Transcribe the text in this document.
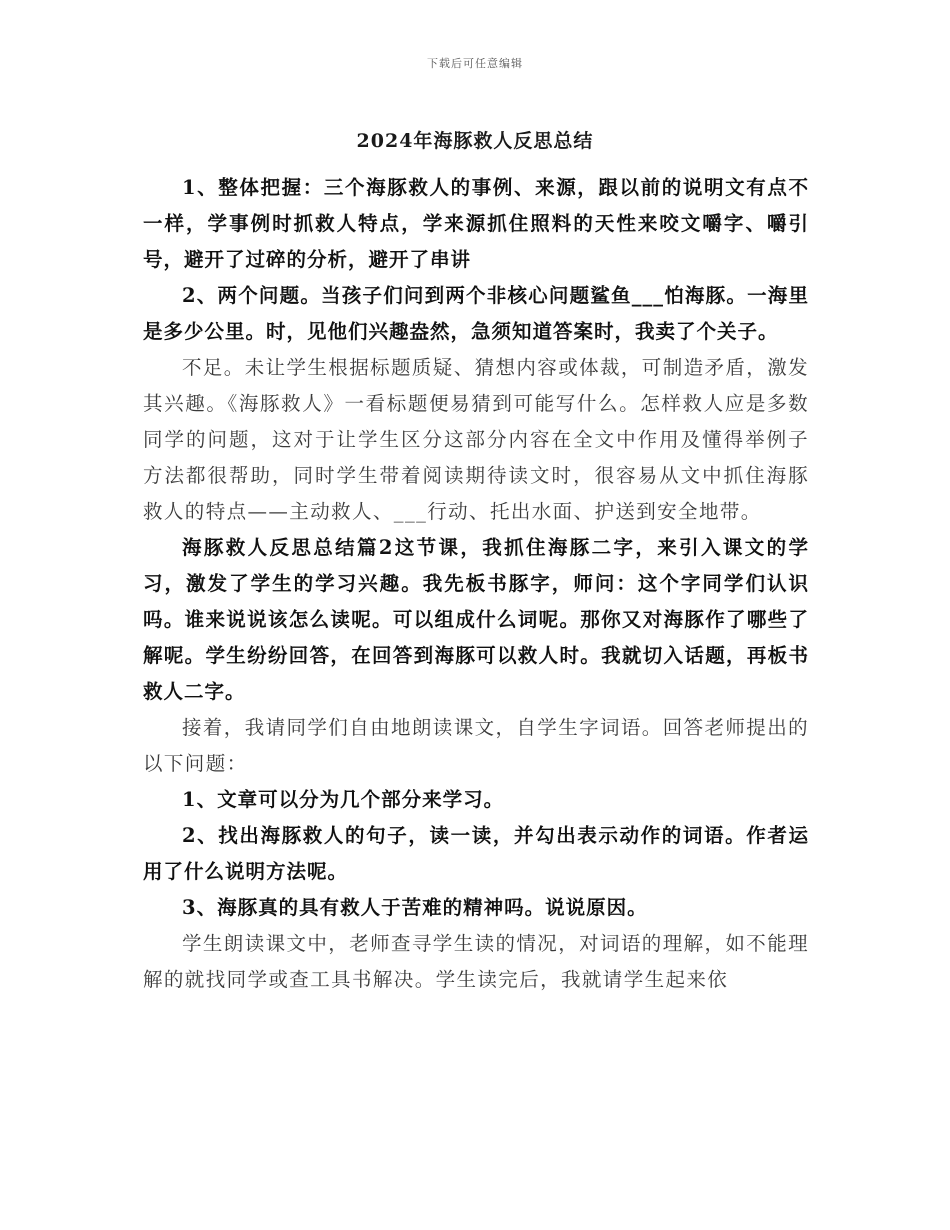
下载后可任意编辑
2024年海豚救人反思总结

1、整体把握：三个海豚救人的事例、来源，跟以前的说明文有点不一样，学事例时抓救人特点，学来源抓住照料的天性来咬文嚼字、嚼引号，避开了过碎的分析，避开了串讲

2、两个问题。当孩子们问到两个非核心问题鲨鱼___怕海豚。一海里是多少公里。时，见他们兴趣盎然，急须知道答案时，我卖了个关子。

不足。未让学生根据标题质疑、猜想内容或体裁，可制造矛盾，激发其兴趣。《海豚救人》一看标题便易猜到可能写什么。怎样救人应是多数同学的问题，这对于让学生区分这部分内容在全文中作用及懂得举例子方法都很帮助，同时学生带着阅读期待读文时，很容易从文中抓住海豚救人的特点——主动救人、___行动、托出水面、护送到安全地带。

海豚救人反思总结篇2这节课，我抓住海豚二字，来引入课文的学习，激发了学生的学习兴趣。我先板书豚字，师问：这个字同学们认识吗。谁来说说该怎么读呢。可以组成什么词呢。那你又对海豚作了哪些了解呢。学生纷纷回答，在回答到海豚可以救人时。我就切入话题，再板书救人二字。

接着，我请同学们自由地朗读课文，自学生字词语。回答老师提出的以下问题：

1、文章可以分为几个部分来学习。

2、找出海豚救人的句子，读一读，并勾出表示动作的词语。作者运用了什么说明方法呢。

3、海豚真的具有救人于苦难的精神吗。说说原因。

学生朗读课文中，老师查寻学生读的情况，对词语的理解，如不能理解的就找同学或查工具书解决。学生读完后，我就请学生起来依
